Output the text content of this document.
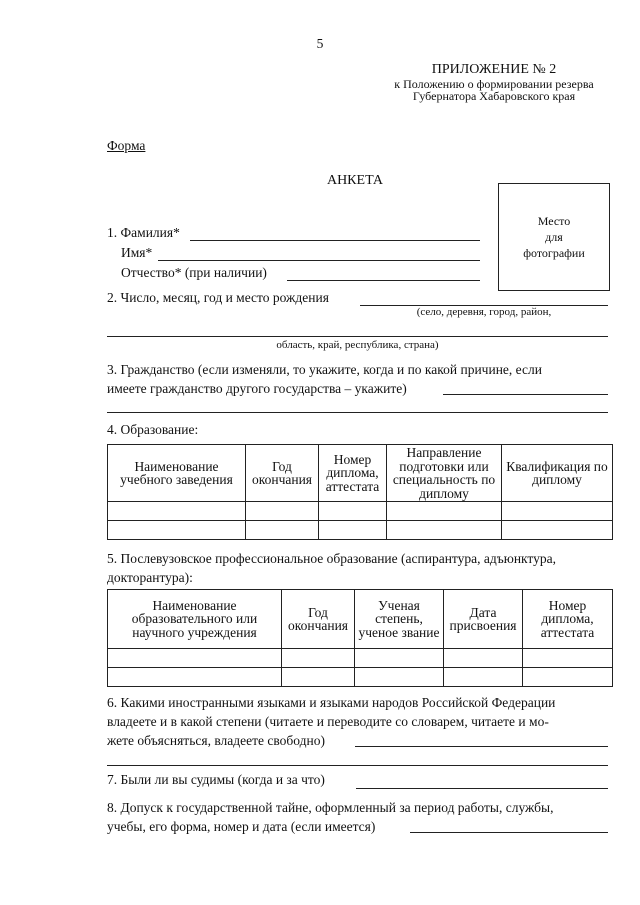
5
ПРИЛОЖЕНИЕ № 2
к Положению о формировании резерва
Губернатора Хабаровского края
Форма
АНКЕТА
Место
для
фотографии
1. Фамилия*
Имя*
Отчество* (при наличии)
2. Число, месяц, год и место рождения
(село, деревня, город, район,
область, край, республика, страна)
3. Гражданство (если изменяли, то укажите, когда и по какой причине, если
имеете гражданство другого государства – укажите)
4. Образование:
Наименование учебного заведения	Год окончания	Номер диплома, аттестата	Направление подготовки или специальность по диплому	Квалификация по диплому

5. Послевузовское профессиональное образование (аспирантура, адъюнктура,
докторантура):
Наименование образовательного или научного учреждения	Год окончания	Ученая степень, ученое звание	Дата присвоения	Номер диплома, аттестата

6. Какими иностранными языками и языками народов Российской Федерации
владеете и в какой степени (читаете и переводите со словарем, читаете и мо-
жете объясняться, владеете свободно)
7. Были ли вы судимы (когда и за что)
8. Допуск к государственной тайне, оформленный за период работы, службы,
учебы, его форма, номер и дата (если имеется)
